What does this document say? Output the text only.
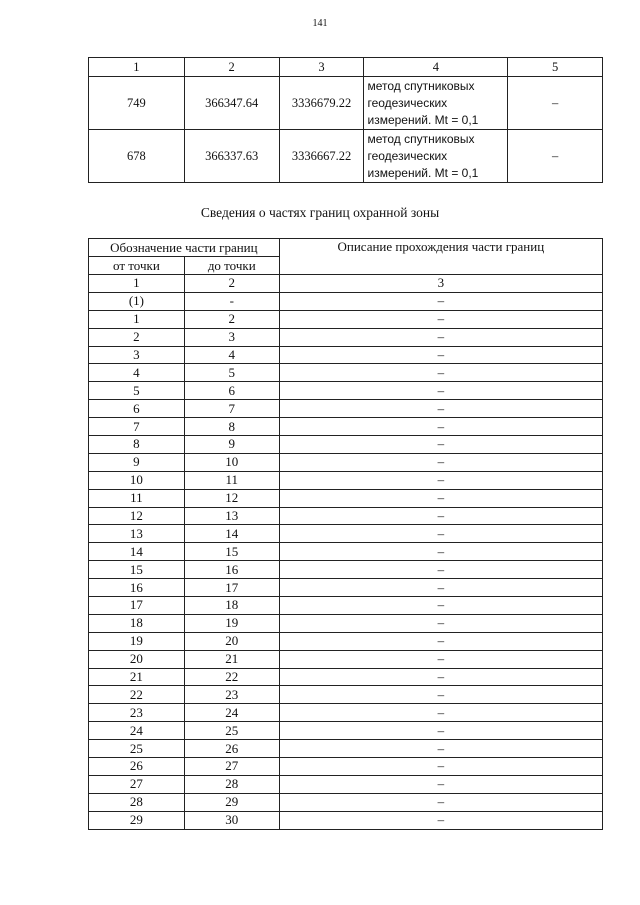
141
1	2	3	4	5
749	366347.64	3336679.22	метод спутниковых
геодезических
измерений. Mt = 0,1	–
678	366337.63	3336667.22	метод спутниковых
геодезических
измерений. Mt = 0,1	–
Сведения о частях границ охранной зоны
Обозначение части границ		Описание прохождения части границ
от точки	до точки	
1	2	3
(1)	-	–
1	2	–
2	3	–
3	4	–
4	5	–
5	6	–
6	7	–
7	8	–
8	9	–
9	10	–
10	11	–
11	12	–
12	13	–
13	14	–
14	15	–
15	16	–
16	17	–
17	18	–
18	19	–
19	20	–
20	21	–
21	22	–
22	23	–
23	24	–
24	25	–
25	26	–
26	27	–
27	28	–
28	29	–
29	30	–
